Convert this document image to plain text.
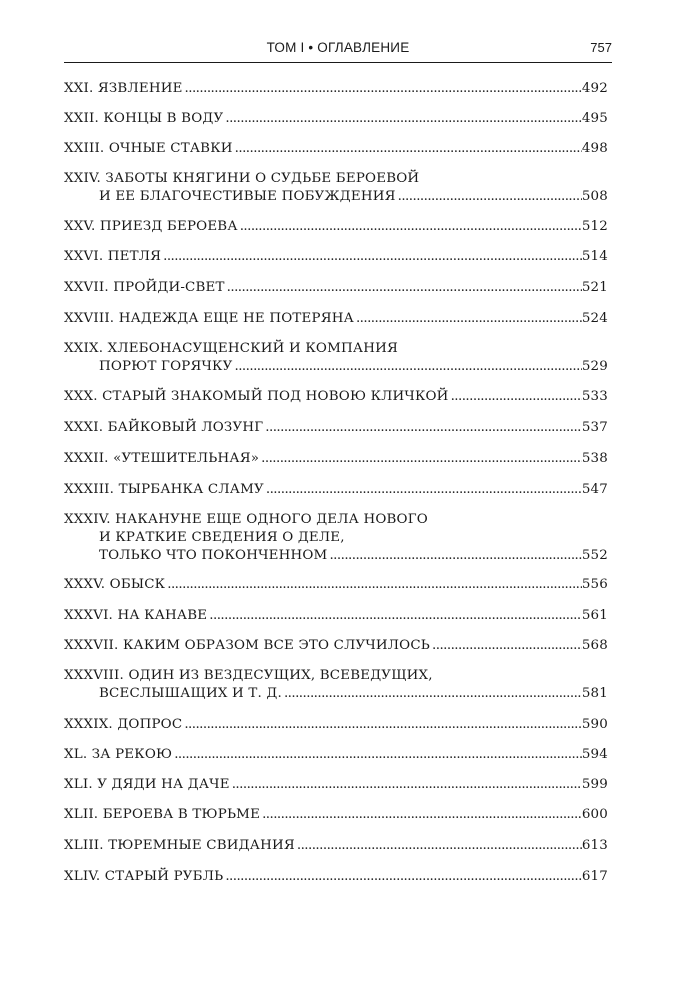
ТОМ I • ОГЛАВЛЕНИЕ	757
XXI. ЯЗВЛЕНИЕ . . .	492
XXII. КОНЦЫ В ВОДУ . . .	495
XXIII. ОЧНЫЕ СТАВКИ . . .	498
XXIV. ЗАБОТЫ КНЯГИНИ О СУДЬБЕ БЕРОЕВОЙ
И ЕЕ БЛАГОЧЕСТИВЫЕ ПОБУЖДЕНИЯ . . .	508
XXV. ПРИЕЗД БЕРОЕВА . . .	512
XXVI. ПЕТЛЯ . . .	514
XXVII. ПРОЙДИ-СВЕТ . . .	521
XXVIII. НАДЕЖДА ЕЩЕ НЕ ПОТЕРЯНА . . .	524
XXIX. ХЛЕБОНАСУЩЕНСКИЙ И КОМПАНИЯ
ПОРЮТ ГОРЯЧКУ . . .	529
XXX. СТАРЫЙ ЗНАКОМЫЙ ПОД НОВОЮ КЛИЧКОЙ . . .	533
XXXI. БАЙКОВЫЙ ЛОЗУНГ . . .	537
XXXII. «УТЕШИТЕЛЬНАЯ» . . .	538
XXXIII. ТЫРБАНКА СЛАМУ . . .	547
XXXIV. НАКАНУНЕ ЕЩЕ ОДНОГО ДЕЛА НОВОГО
И КРАТКИЕ СВЕДЕНИЯ О ДЕЛЕ,
ТОЛЬКО ЧТО ПОКОНЧЕННОМ . . .	552
XXXV. ОБЫСК . . .	556
XXXVI. НА КАНАВЕ . . .	561
XXXVII. КАКИМ ОБРАЗОМ ВСЕ ЭТО СЛУЧИЛОСЬ . . .	568
XXXVIII. ОДИН ИЗ ВЕЗДЕСУЩИХ, ВСЕВЕДУЩИХ,
ВСЕСЛЫШАЩИХ И Т. Д. . . .	581
XXXIX. ДОПРОС . . .	590
XL. ЗА РЕКОЮ . . .	594
XLI. У ДЯДИ НА ДАЧЕ . . .	599
XLII. БЕРОЕВА В ТЮРЬМЕ . . .	600
XLIII. ТЮРЕМНЫЕ СВИДАНИЯ . . .	613
XLIV. СТАРЫЙ РУБЛЬ . . .	617
